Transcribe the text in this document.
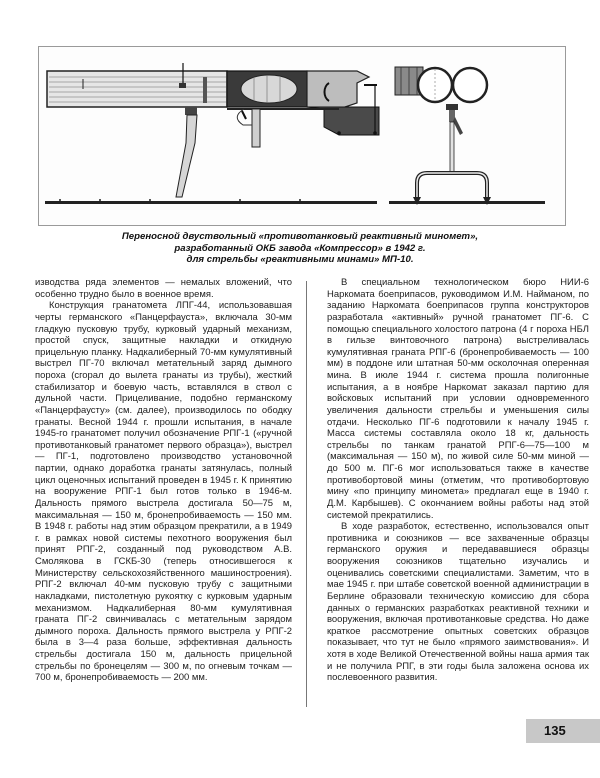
Переносной двуствольный «противотанковый реактивный миномет»,
разработанный ОКБ завода «Компрессор» в 1942 г.
для стрельбы «реактивными минами» МП-10.

изводства ряда элементов — немалых вложений, что особенно трудно было в военное время.

Конструкция гранатомета ЛПГ-44, использовавшая черты германского «Панцерфауста», включала 30-мм гладкую пусковую трубу, курковый ударный механизм, простой спуск, защитные накладки и откидную прицельную планку. Надкалиберный 70-мм кумулятивный выстрел ПГ-70 включал метательный заряд дымного пороха (сгорал до вылета гранаты из трубы), жесткий стабилизатор и боевую часть, вставлялся в ствол с дульной части. Прицеливание, подобно германскому «Панцерфаусту» (см. далее), производилось по ободку гранаты. Весной 1944 г. прошли испытания, в начале 1945-го гранатомет получил обозначение РПГ-1 («ручной противотанковый гранатомет первого образца»), выстрел — ПГ-1, подготовлено производство установочной партии, однако доработка гранаты затянулась, полный цикл оценочных испытаний проведен в 1945 г. К принятию на вооружение РПГ-1 был готов только в 1946-м. Дальность прямого выстрела достигала 50—75 м, максимальная — 150 м, бронепробиваемость — 150 мм. В 1948 г. работы над этим образцом прекратили, а в 1949 г. в рамках новой системы пехотного вооружения был принят РПГ-2, созданный под руководством А.В. Смолякова в ГСКБ-30 (теперь относившегося к Министерству сельскохозяйственного машиностроения). РПГ-2 включал 40-мм пусковую трубу с защитными накладками, пистолетную рукоятку с курковым ударным механизмом. Надкалиберная 80-мм кумулятивная граната ПГ-2 свинчивалась с метательным зарядом дымного пороха. Дальность прямого выстрела у РПГ-2 была в 3—4 раза больше, эффективная дальность стрельбы достигала 150 м, дальность прицельной стрельбы по бронецелям — 300 м, по огневым точкам — 700 м, бронепробиваемость — 200 мм.

В специальном технологическом бюро НИИ-6 Наркомата боеприпасов, руководимом И.М. Найманом, по заданию Наркомата боеприпасов группа конструкторов разработала «активный» ручной гранатомет ПГ-6. С помощью специального холостого патрона (4 г пороха НБЛ в гильзе винтовочного патрона) выстреливалась кумулятивная граната РПГ-6 (бронепробиваемость — 100 мм) в поддоне или штатная 50-мм осколочная оперенная мина. В июле 1944 г. система прошла полигонные испытания, а в ноябре Наркомат заказал партию для войсковых испытаний при условии одновременного увеличения дальности стрельбы и уменьшения силы отдачи. Несколько ПГ-6 подготовили к началу 1945 г. Масса системы составляла около 18 кг, дальность стрельбы по танкам гранатой РПГ-6—75—100 м (максимальная — 150 м), по живой силе 50-мм миной — до 500 м. ПГ-6 мог использоваться также в качестве противобортовой мины (отметим, что противобортовую мину «по принципу миномета» предлагал еще в 1940 г. Д.М. Карбышев). С окончанием войны работы над этой системой прекратились.

В ходе разработок, естественно, использовался опыт противника и союзников — все захваченные образцы германского оружия и передававшиеся образцы вооружения союзников тщательно изучались и оценивались советскими специалистами. Заметим, что в мае 1945 г. при штабе советской военной администрации в Берлине образовали техническую комиссию для сбора данных о германских разработках реактивной техники и вооружения, включая противотанковые средства. Но даже краткое рассмотрение опытных советских образцов показывает, что тут не было «прямого заимствования». И хотя в ходе Великой Отечественной войны наша армия так и не получила РПГ, в эти годы была заложена основа их послевоенного развития.

135
